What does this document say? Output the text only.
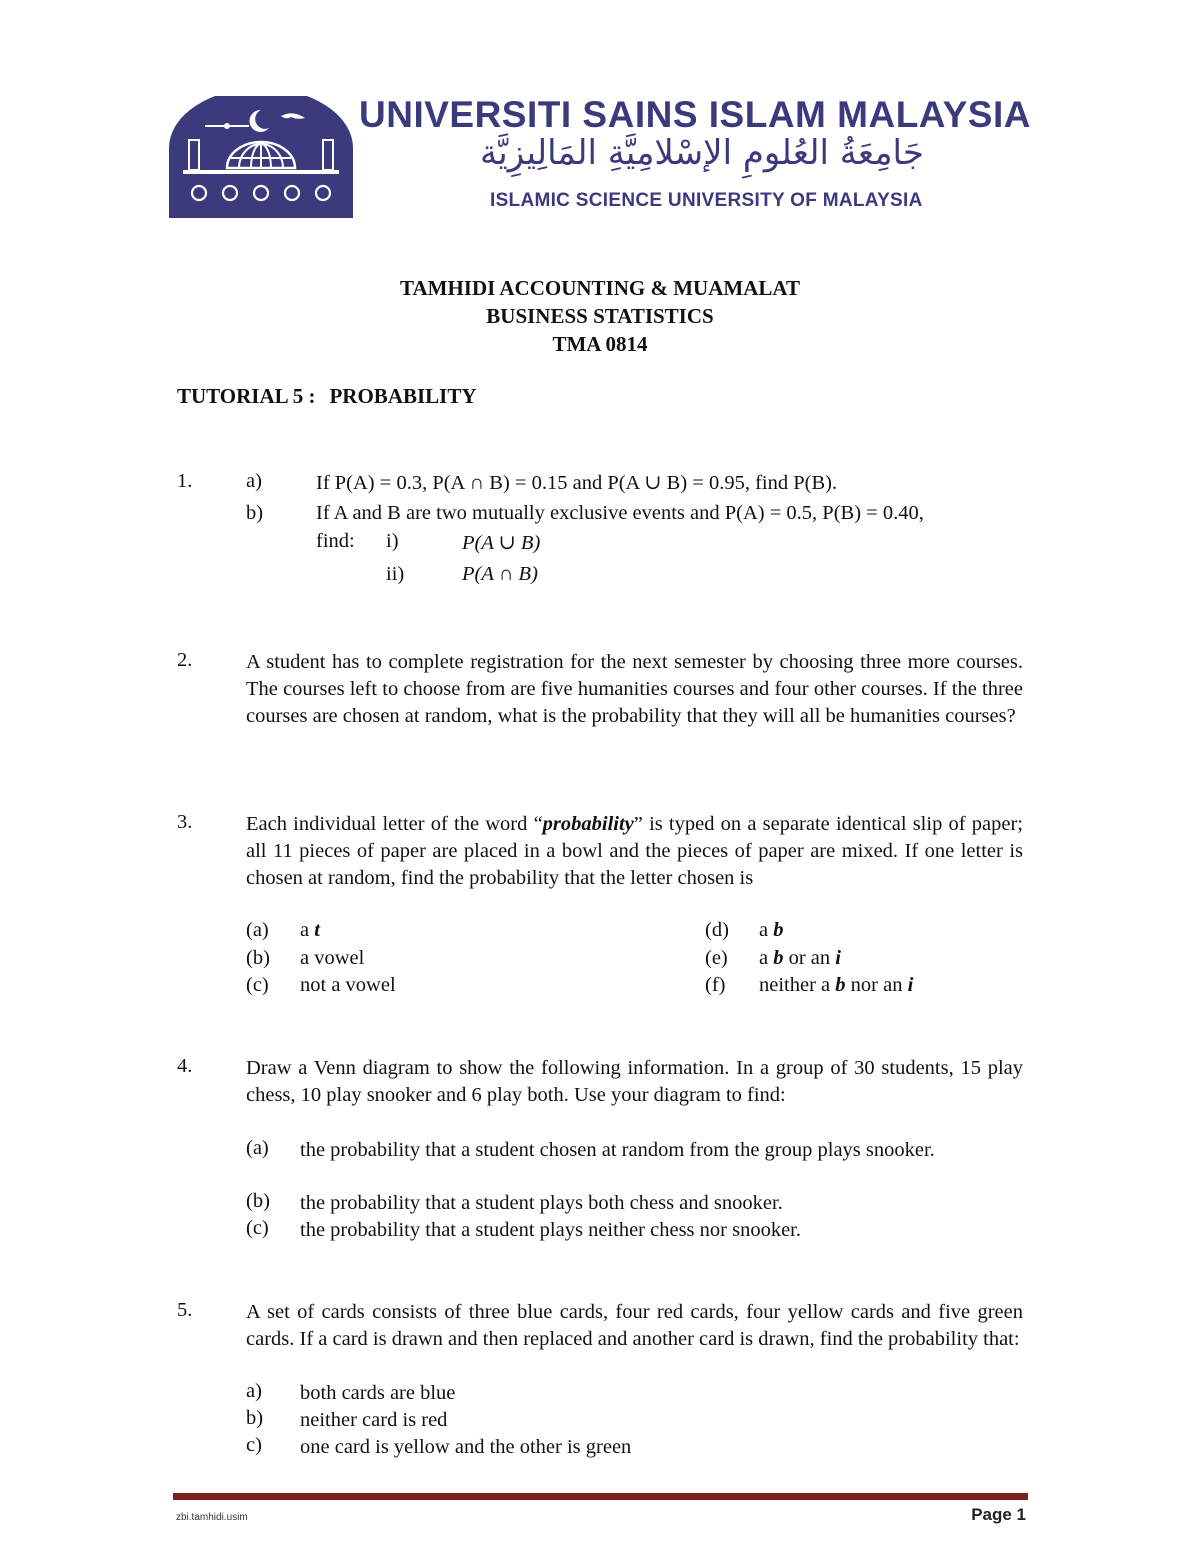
UNIVERSITI SAINS ISLAM MALAYSIA
جَامِعَةُ العُلومِ الإسْلامِيَّةِ المَالِيزِيَّة
ISLAMIC SCIENCE UNIVERSITY OF MALAYSIA
TAMHIDI ACCOUNTING & MUAMALAT
BUSINESS STATISTICS
TMA 0814
TUTORIAL 5 : PROBABILITY
1.	a)	If P(A) = 0.3, P(A ∩ B) = 0.15 and P(A ∪ B) = 0.95, find P(B).
b)	If A and B are two mutually exclusive events and P(A) = 0.5, P(B) = 0.40,
find: i)	P(A ∪ B)
ii)	P(A ∩ B)
2.	A student has to complete registration for the next semester by choosing three more courses. The courses left to choose from are five humanities courses and four other courses. If the three courses are chosen at random, what is the probability that they will all be humanities courses?
3.	Each individual letter of the word “probability” is typed on a separate identical slip of paper; all 11 pieces of paper are placed in a bowl and the pieces of paper are mixed. If one letter is chosen at random, find the probability that the letter chosen is
(a) a t
(b) a vowel
(c) not a vowel
(d) a b
(e) a b or an i
(f) neither a b nor an i
4.	Draw a Venn diagram to show the following information. In a group of 30 students, 15 play chess, 10 play snooker and 6 play both. Use your diagram to find:
(a) the probability that a student chosen at random from the group plays snooker.
(b) the probability that a student plays both chess and snooker.
(c) the probability that a student plays neither chess nor snooker.
5.	A set of cards consists of three blue cards, four red cards, four yellow cards and five green cards. If a card is drawn and then replaced and another card is drawn, find the probability that:
a) both cards are blue
b) neither card is red
c) one card is yellow and the other is green
zbi.tamhidi.usim	Page 1
